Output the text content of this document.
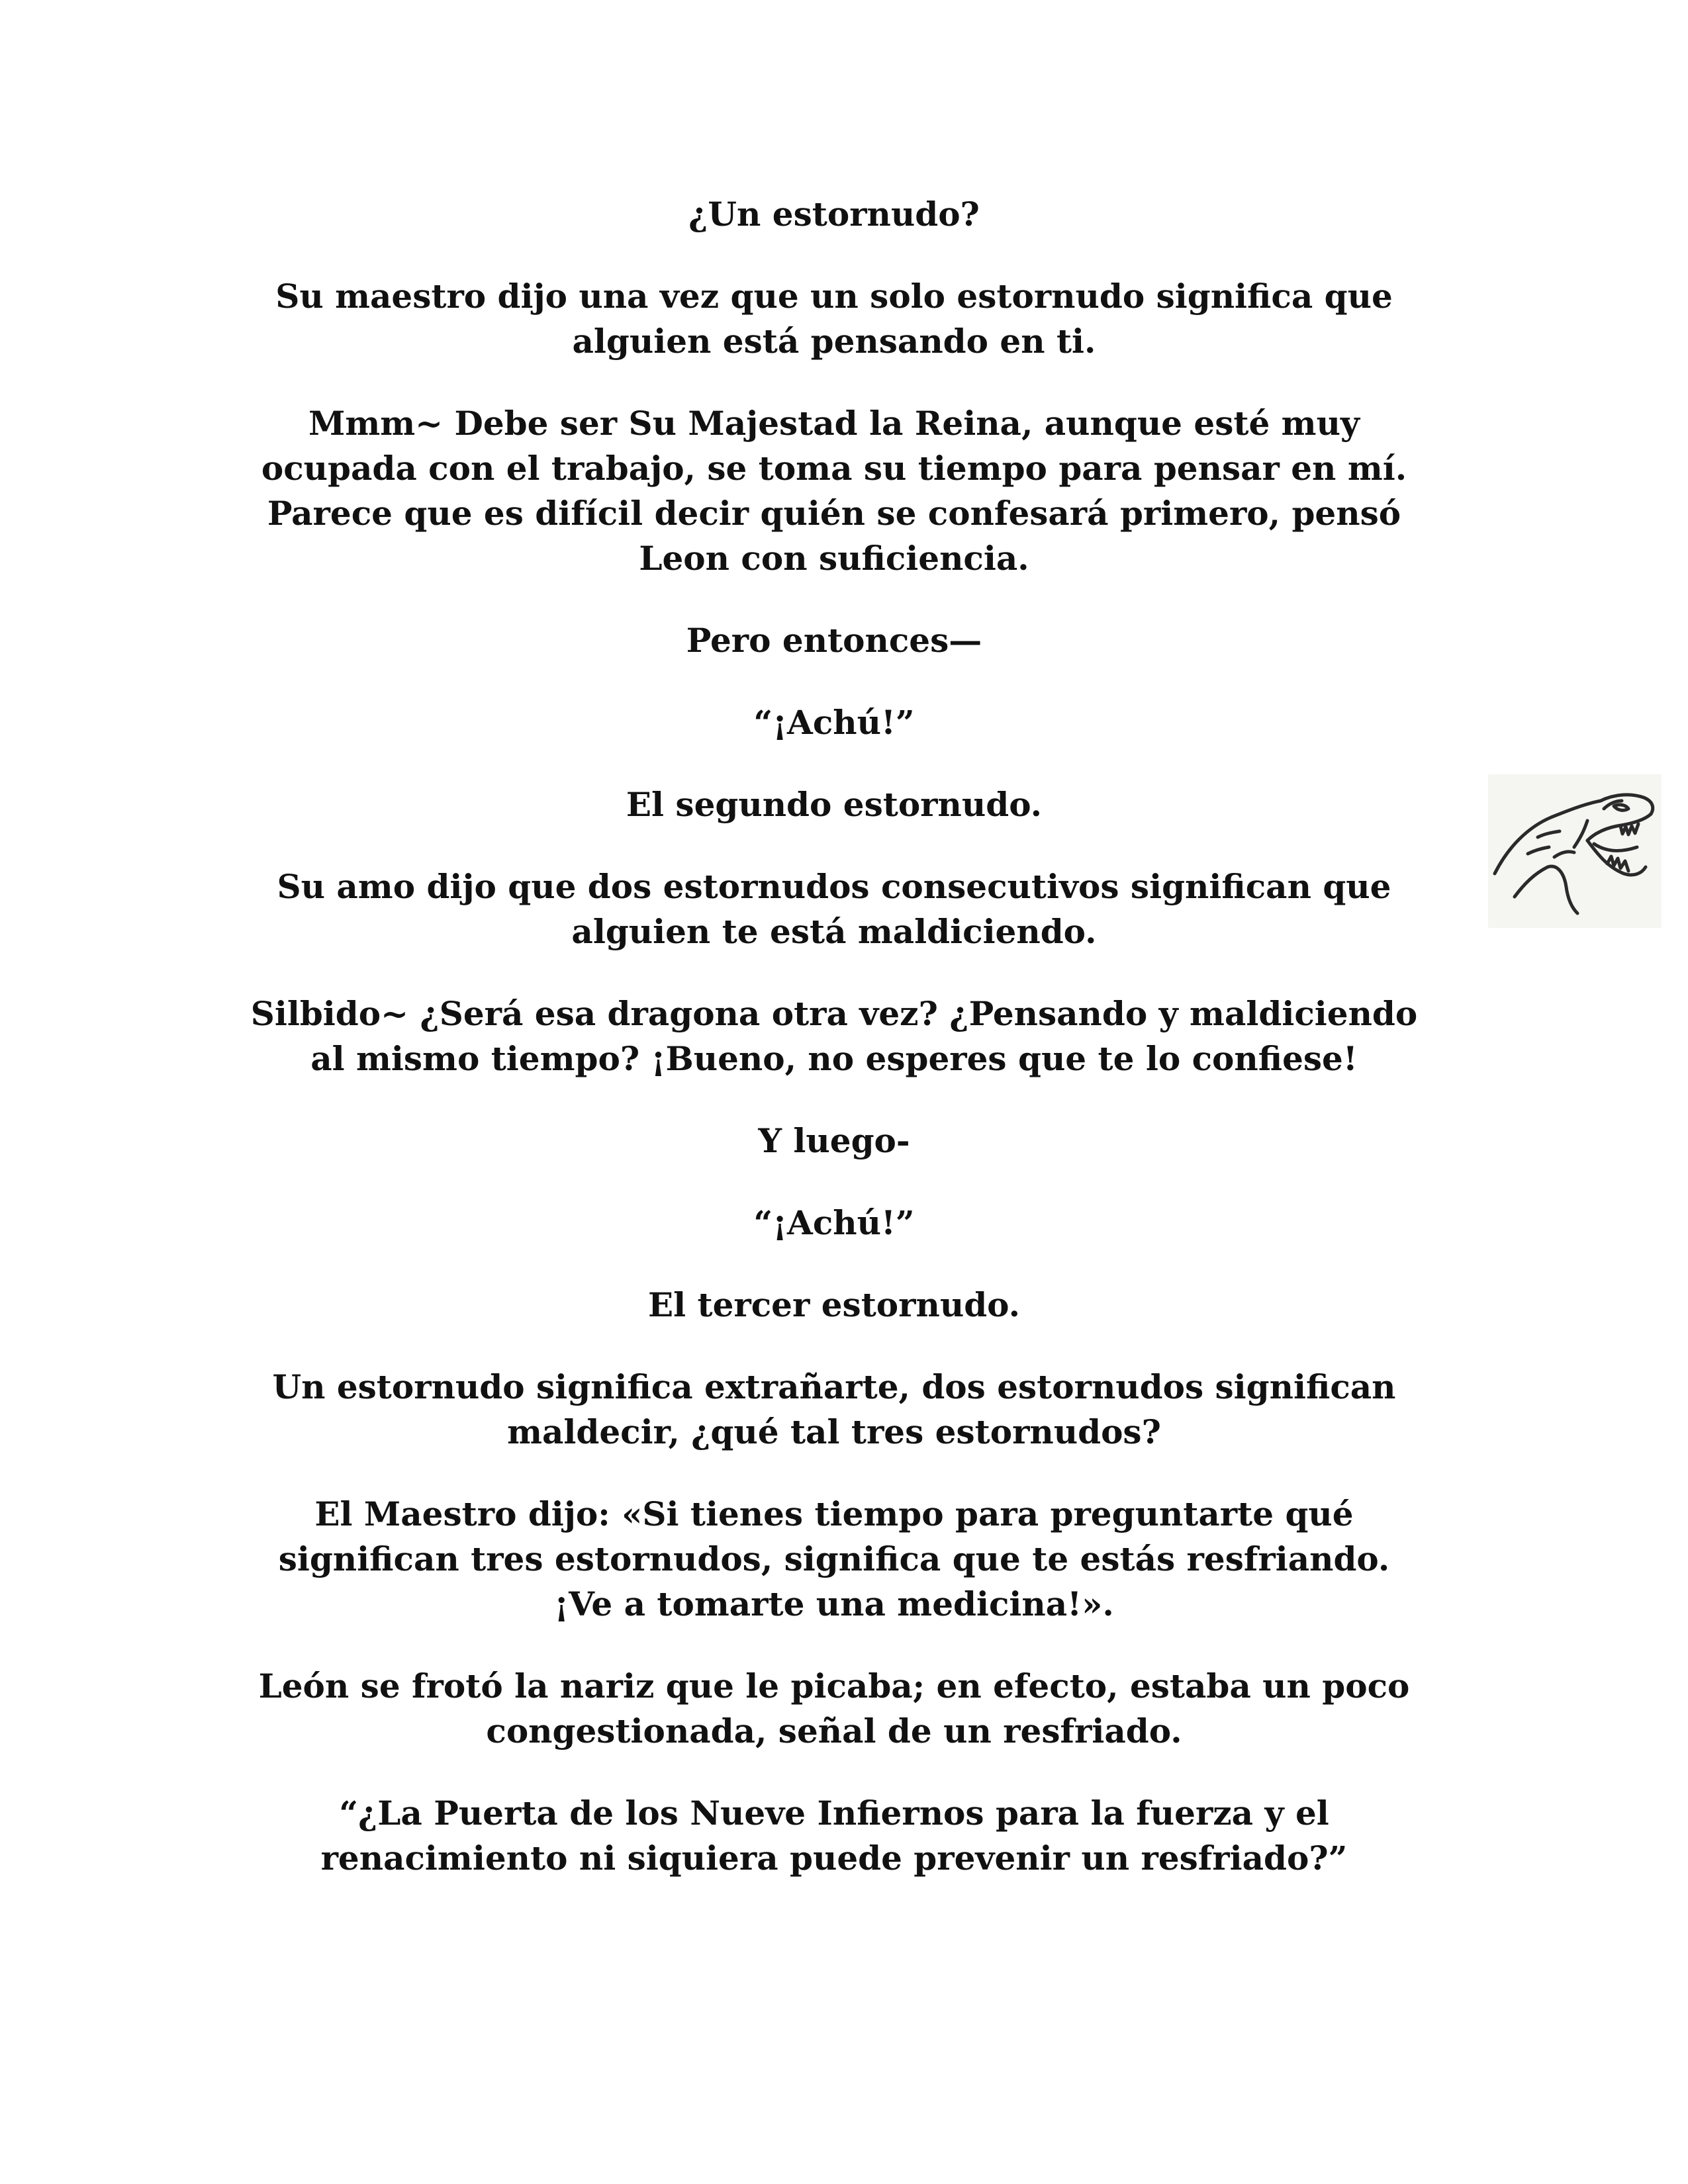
¿Un estornudo?

Su maestro dijo una vez que un solo estornudo significa que
alguien está pensando en ti.

Mmm~ Debe ser Su Majestad la Reina, aunque esté muy
ocupada con el trabajo, se toma su tiempo para pensar en mí.
Parece que es difícil decir quién se confesará primero, pensó
Leon con suficiencia.

Pero entonces—

“¡Achú!”

El segundo estornudo.

Su amo dijo que dos estornudos consecutivos significan que
alguien te está maldiciendo.

Silbido~ ¿Será esa dragona otra vez? ¿Pensando y maldiciendo
al mismo tiempo? ¡Bueno, no esperes que te lo confiese!

Y luego-

“¡Achú!”

El tercer estornudo.

Un estornudo significa extrañarte, dos estornudos significan
maldecir, ¿qué tal tres estornudos?

El Maestro dijo: «Si tienes tiempo para preguntarte qué
significan tres estornudos, significa que te estás resfriando.
¡Ve a tomarte una medicina!».

León se frotó la nariz que le picaba; en efecto, estaba un poco
congestionada, señal de un resfriado.

“¿La Puerta de los Nueve Infiernos para la fuerza y el
renacimiento ni siquiera puede prevenir un resfriado?”
